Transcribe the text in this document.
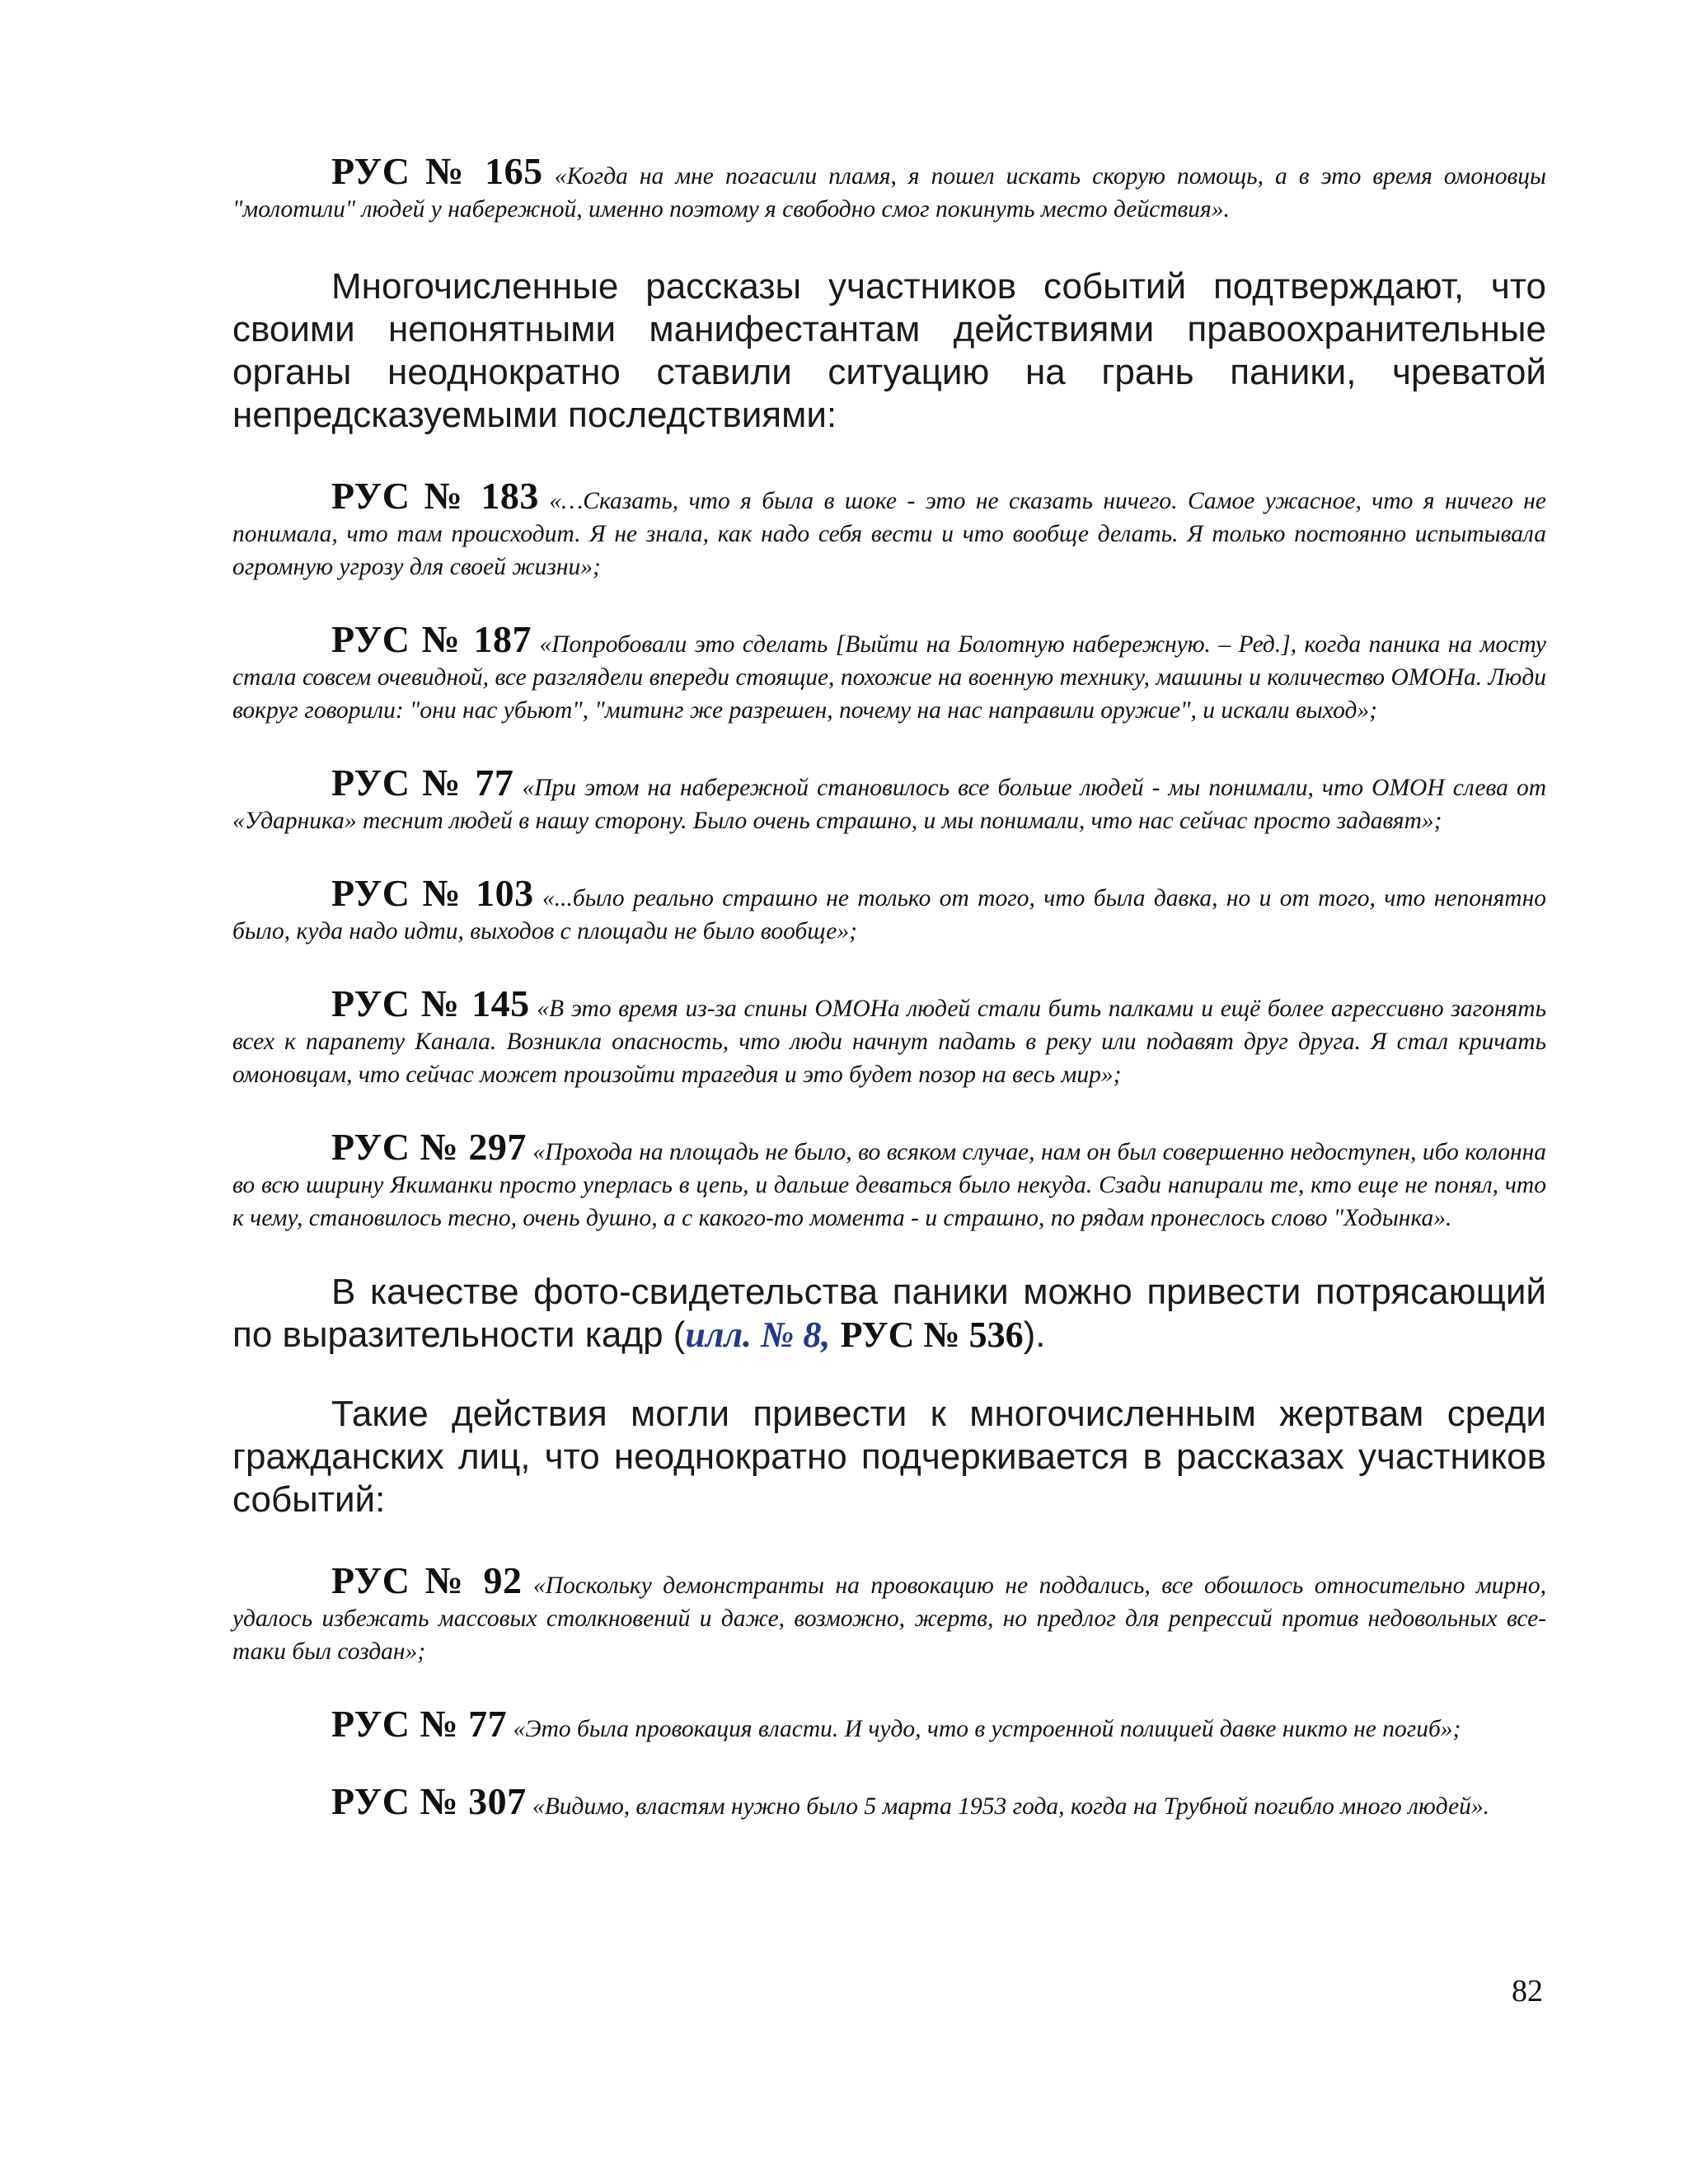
РУС № 165 «Когда на мне погасили пламя, я пошел искать скорую помощь, а в это время омоновцы "молотили" людей у набережной, именно поэтому я свободно смог покинуть место действия».

Многочисленные рассказы участников событий подтверждают, что своими непонятными манифестантам действиями правоохранительные органы неоднократно ставили ситуацию на грань паники, чреватой непредсказуемыми последствиями:

РУС № 183 «…Сказать, что я была в шоке - это не сказать ничего. Самое ужасное, что я ничего не понимала, что там происходит. Я не знала, как надо себя вести и что вообще делать. Я только постоянно испытывала огромную угрозу для своей жизни»;

РУС № 187 «Попробовали это сделать [Выйти на Болотную набережную. – Ред.], когда паника на мосту стала совсем очевидной, все разглядели впереди стоящие, похожие на военную технику, машины и количество ОМОНа. Люди вокруг говорили: "они нас убьют", "митинг же разрешен, почему на нас направили оружие", и искали выход»;

РУС № 77 «При этом на набережной становилось все больше людей - мы понимали, что ОМОН слева от «Ударника» теснит людей в нашу сторону. Было очень страшно, и мы понимали, что нас сейчас просто задавят»;

РУС № 103 «...было реально страшно не только от того, что была давка, но и от того, что непонятно было, куда надо идти, выходов с площади не было вообще»;

РУС № 145 «В это время из-за спины ОМОНа людей стали бить палками и ещё более агрессивно загонять всех к парапету Канала. Возникла опасность, что люди начнут падать в реку или подавят друг друга. Я стал кричать омоновцам, что сейчас может произойти трагедия и это будет позор на весь мир»;

РУС № 297 «Прохода на площадь не было, во всяком случае, нам он был совершенно недоступен, ибо колонна во всю ширину Якиманки просто уперлась в цепь, и дальше деваться было некуда. Сзади напирали те, кто еще не понял, что к чему, становилось тесно, очень душно, а с какого-то момента - и страшно, по рядам пронеслось слово "Ходынка».

В качестве фото-свидетельства паники можно привести потрясающий по выразительности кадр (илл. № 8, РУС № 536).

Такие действия могли привести к многочисленным жертвам среди гражданских лиц, что неоднократно подчеркивается в рассказах участников событий:

РУС № 92 «Поскольку демонстранты на провокацию не поддались, все обошлось относительно мирно, удалось избежать массовых столкновений и даже, возможно, жертв, но предлог для репрессий против недовольных все-таки был создан»;

РУС № 77 «Это была провокация власти. И чудо, что в устроенной полицией давке никто не погиб»;

РУС № 307 «Видимо, властям нужно было 5 марта 1953 года, когда на Трубной погибло много людей».

82
